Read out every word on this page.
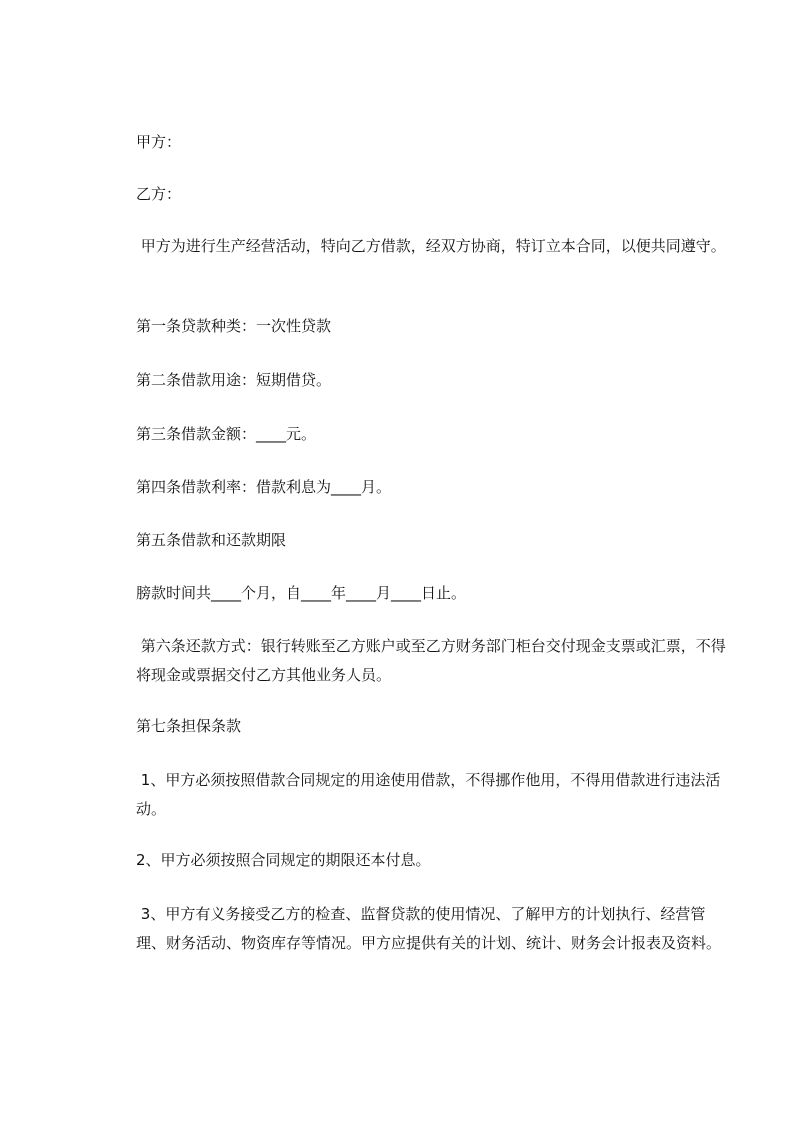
甲方：

乙方：

甲方为进行生产经营活动，特向乙方借款，经双方协商，特订立本合同，以便共同遵守。

第一条贷款种类：一次性贷款

第二条借款用途：短期借贷。

第三条借款金额：____元。

第四条借款利率：借款利息为____月。

第五条借款和还款期限

膀款时间共____个月，自____年____月____日止。

第六条还款方式：银行转账至乙方账户或至乙方财务部门柜台交付现金支票或汇票，不得将现金或票据交付乙方其他业务人员。

第七条担保条款

1、甲方必须按照借款合同规定的用途使用借款，不得挪作他用，不得用借款进行违法活动。

2、甲方必须按照合同规定的期限还本付息。

3、甲方有义务接受乙方的检查、监督贷款的使用情况、了解甲方的计划执行、经营管理、财务活动、物资库存等情况。甲方应提供有关的计划、统计、财务会计报表及资料。
